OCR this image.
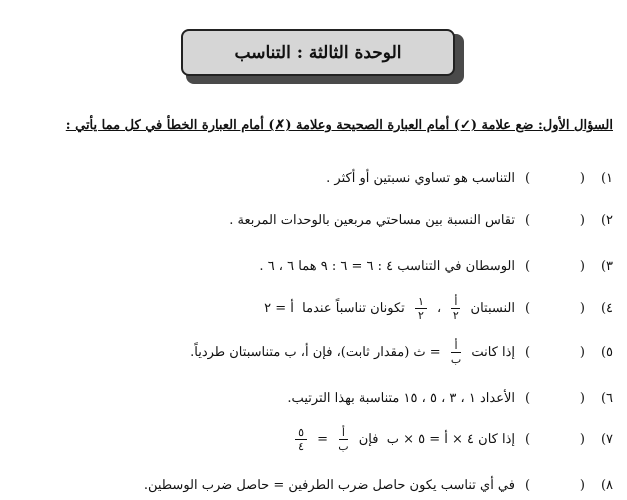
الوحدة الثالثة : التناسب
السؤال الأول: ضع علامة (✓) أمام العبارة الصحيحة وعلامة (✗) أمام العبارة الخطأ في كل مما يأتي :
١)
(
)
التناسب هو تساوي نسبتين أو أكثر .
٢)
(
)
تقاس النسبة بين مساحتي مربعين بالوحدات المربعة .
٣)
(
)
الوسطان في التناسب ٤ : ٦ = ٦ : ٩ هما ٦ ، ٦ .
٤)
(
)
النسبتان
$\frac{\text{أ}}{٢}$
،
$\frac{١}{٢}$
تكونان تناسباً عندما  أ = ٢
٥)
(
)
إذا كانت
$\frac{\text{أ}}{\text{ب}}$
= ث (مقدار ثابت)، فإن أ، ب متناسبتان طردياً.
٦)
(
)
الأعداد ١ ، ٣ ، ٥ ، ١٥ متناسبة بهذا الترتيب.
٧)
(
)
إذا كان ٤ × أ = ٥ × ب  فإن
$\frac{\text{أ}}{\text{ب}}$
=
$\frac{٥}{٤}$
٨)
(
)
في أي تناسب يكون حاصل ضرب الطرفين = حاصل ضرب الوسطين.
